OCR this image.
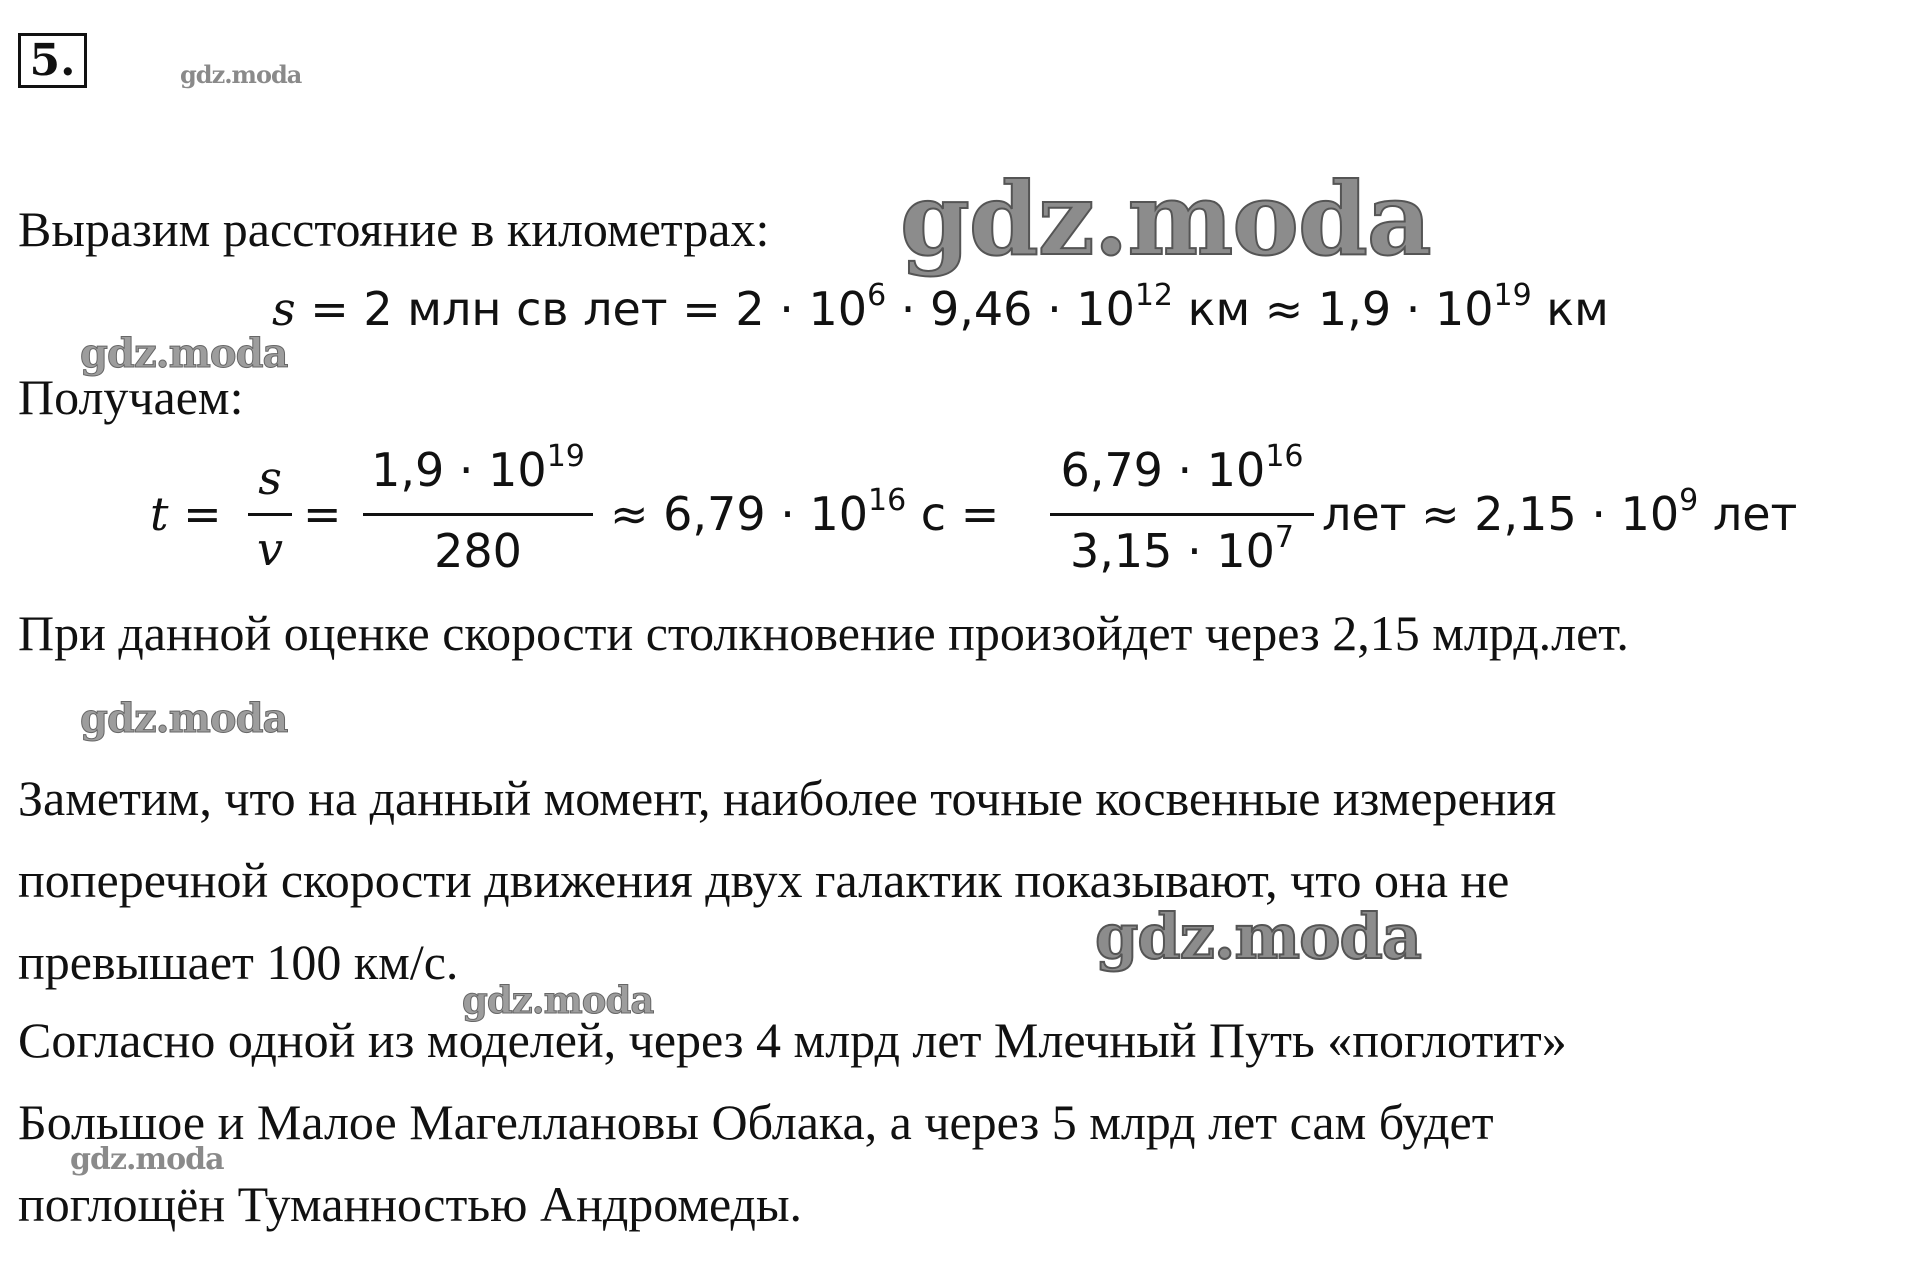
5.
Выразим расстояние в километрах:
s = 2 млн св лет = $2 \cdot 10^6 \cdot 9,46 \cdot 10^{12}$ км ≈ $1,9 \cdot 10^{19}$ км
Получаем:
t =
s
v
=
$1,9 \cdot 10^{19}$
280
≈ $6,79 \cdot 10^{16}$ с =
$6,79 \cdot 10^{16}$
$3,15 \cdot 10^7$ лет ≈ $2,15 \cdot 10^9$ лет
При данной оценке скорости столкновение произойдет через 2,15 млрд.лет.
Заметим, что на данный момент, наиболее точные косвенные измерения
поперечной скорости движения двух галактик показывают, что она не
превышает 100 км/с.
Согласно одной из моделей, через 4 млрд лет Млечный Путь «поглотит»
Большое и Малое Магеллановы Облака, а через 5 млрд лет сам будет
поглощён Туманностью Андромеды.
gdz.moda
gdz.moda
gdz.moda
gdz.moda
gdz.moda
gdz.moda
gdz.moda
